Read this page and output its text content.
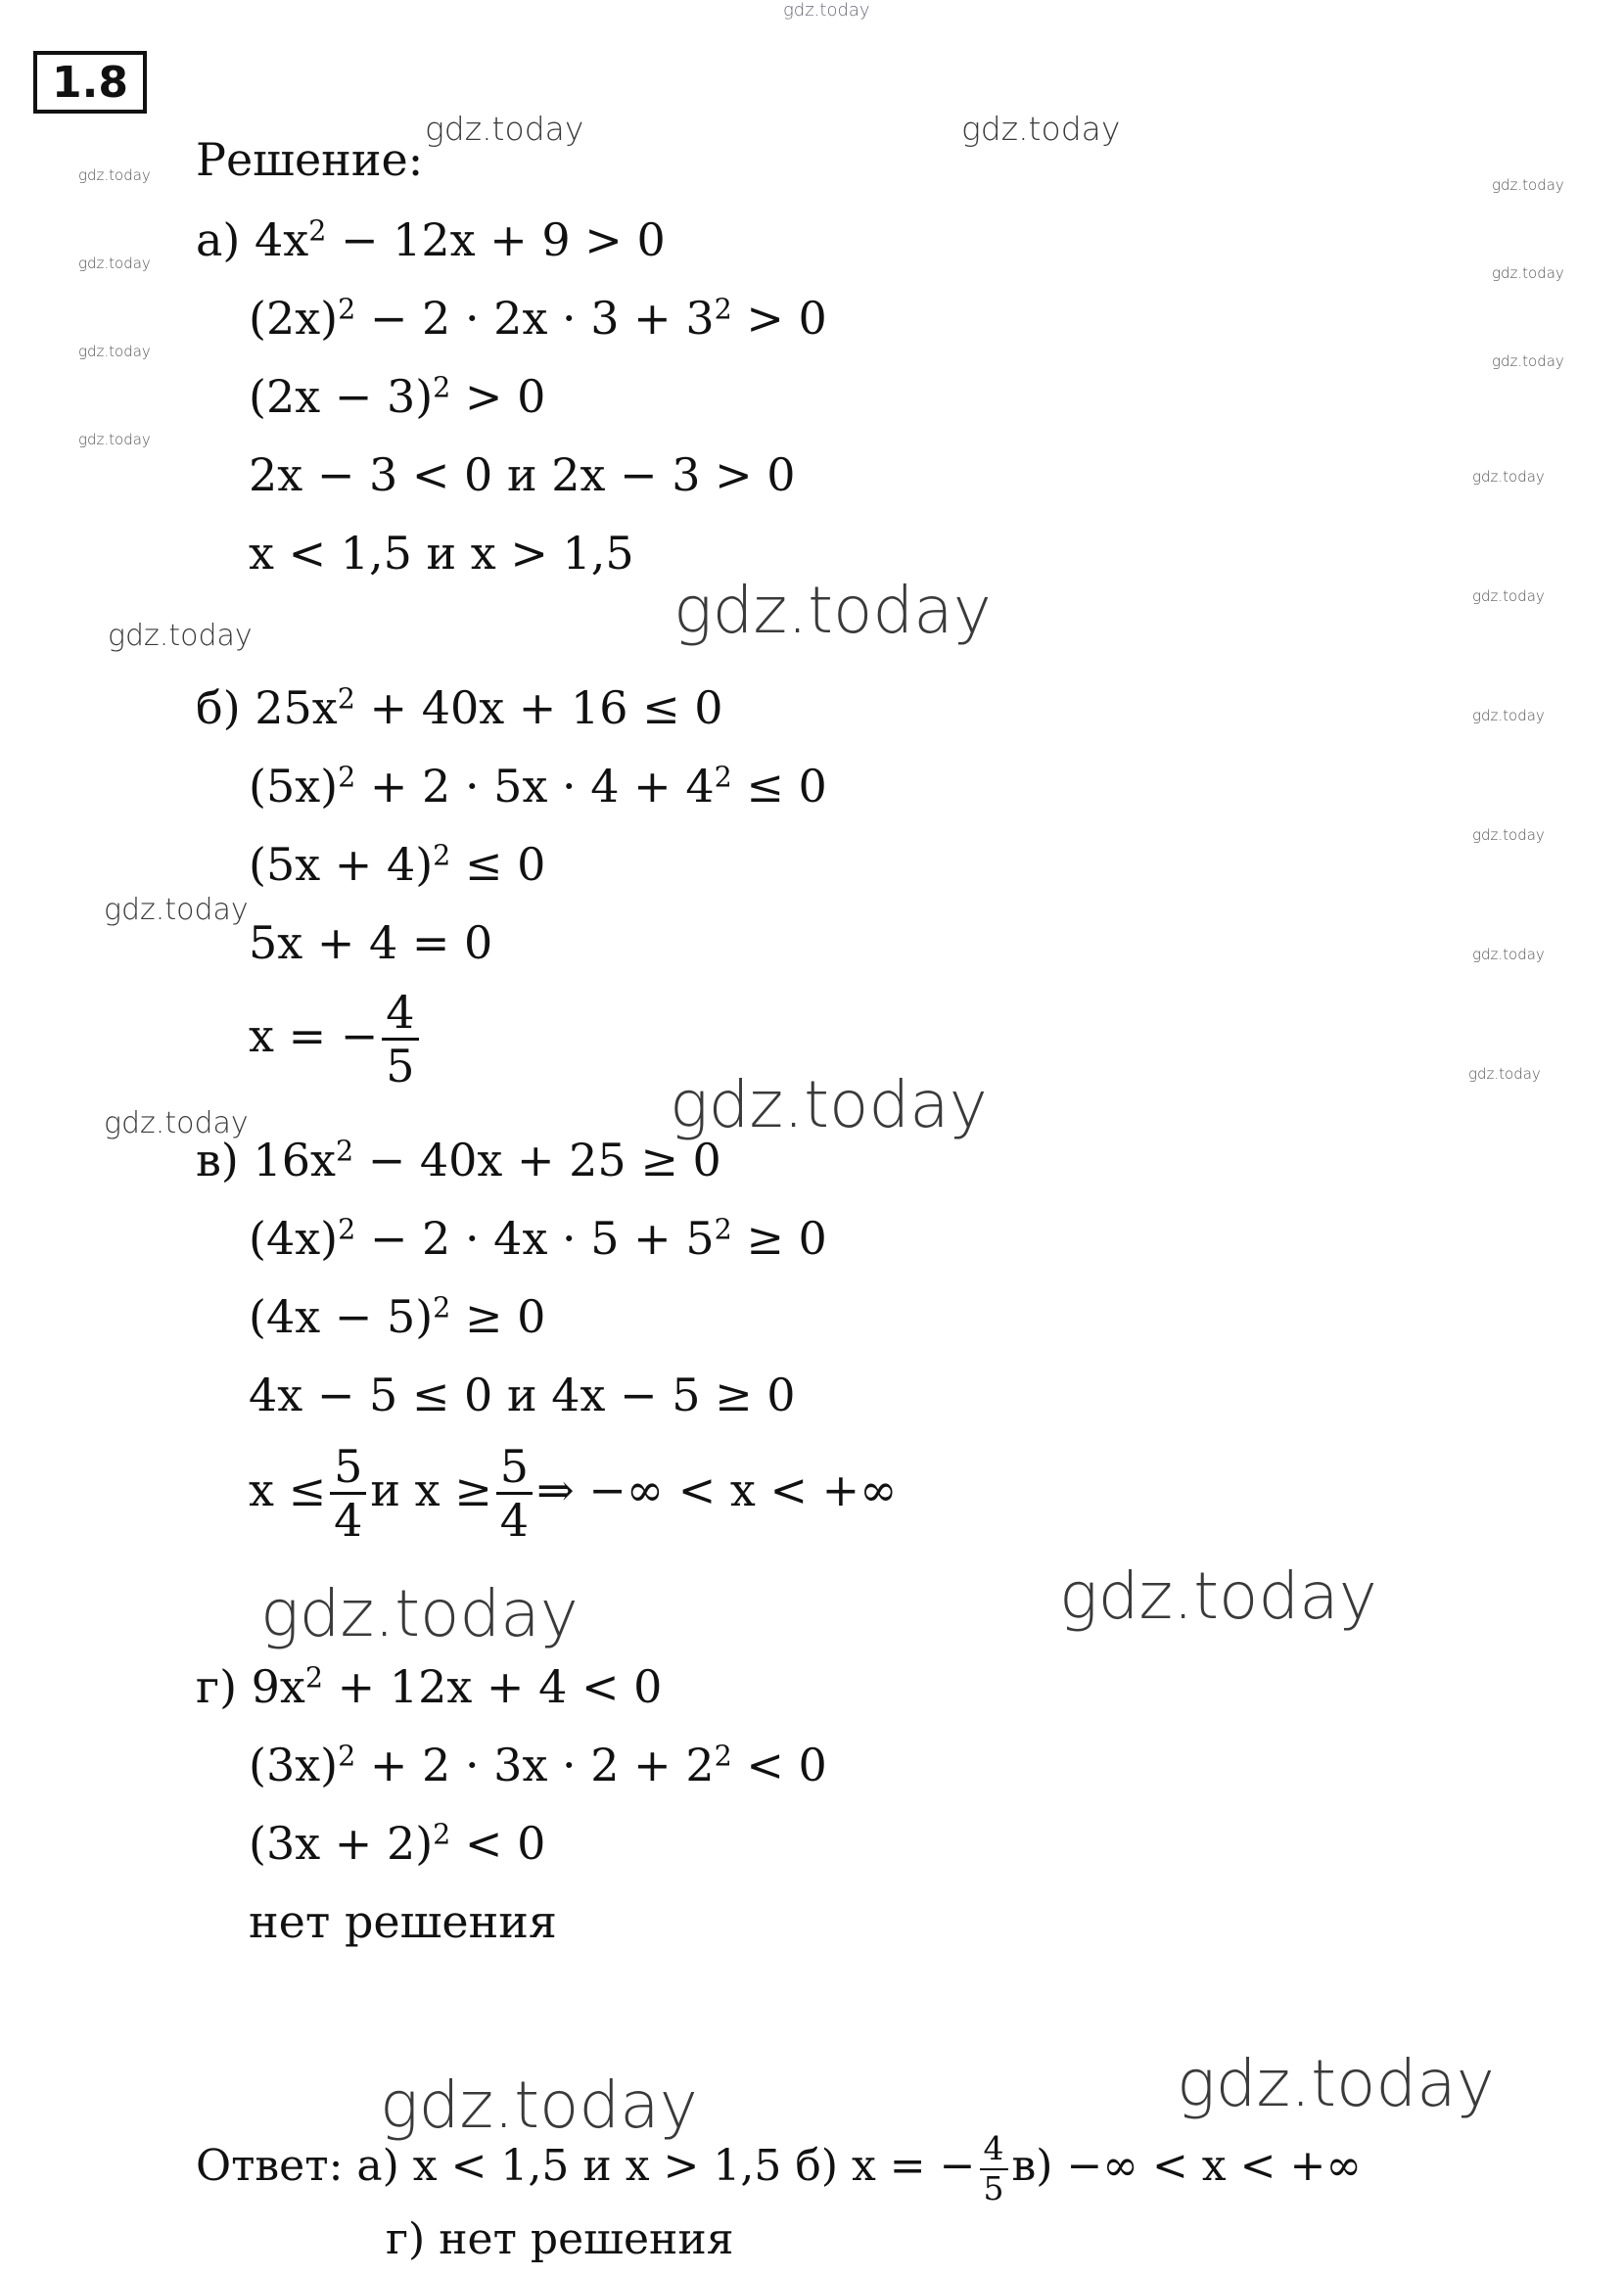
1.8
gdz.today
gdz.today	gdz.today
gdz.today
gdz.today
gdz.today
gdz.today
gdz.today
gdz.today
gdz.today
gdz.today
gdz.today
gdz.today
gdz.today
gdz.today
gdz.today
gdz.today
gdz.today
gdz.today
gdz.today
gdz.today
gdz.today	gdz.today
gdz.today	gdz.today
Решение:
а) $4x^2 - 12x + 9 > 0$
$(2x)^2 - 2 \cdot 2x \cdot 3 + 3^2 > 0$
$(2x - 3)^2 > 0$
2x − 3 < 0 и 2x − 3 > 0
x < 1,5 и x > 1,5
б) $25x^2 + 40x + 16 \le 0$
$(5x)^2 + 2 \cdot 5x \cdot 4 + 4^2 \le 0$
$(5x + 4)^2 \le 0$
5x + 4 = 0
x = − $\frac{4}{5}$
в) $16x^2 - 40x + 25 \ge 0$
$(4x)^2 - 2 \cdot 4x \cdot 5 + 5^2 \ge 0$
$(4x - 5)^2 \ge 0$
4x − 5 ≤ 0 и 4x − 5 ≥ 0
$x \le \frac{5}{4}$ и $x \ge \frac{5}{4}$ ⇒ −∞ < x < +∞
г) $9x^2 + 12x + 4 < 0$
$(3x)^2 + 2 \cdot 3x \cdot 2 + 2^2 < 0$
$(3x + 2)^2 < 0$
нет решения
Ответ: а) x < 1,5 и x > 1,5 б) x = − $\frac{4}{5} в$) −∞ < x < +∞
г) нет решения
